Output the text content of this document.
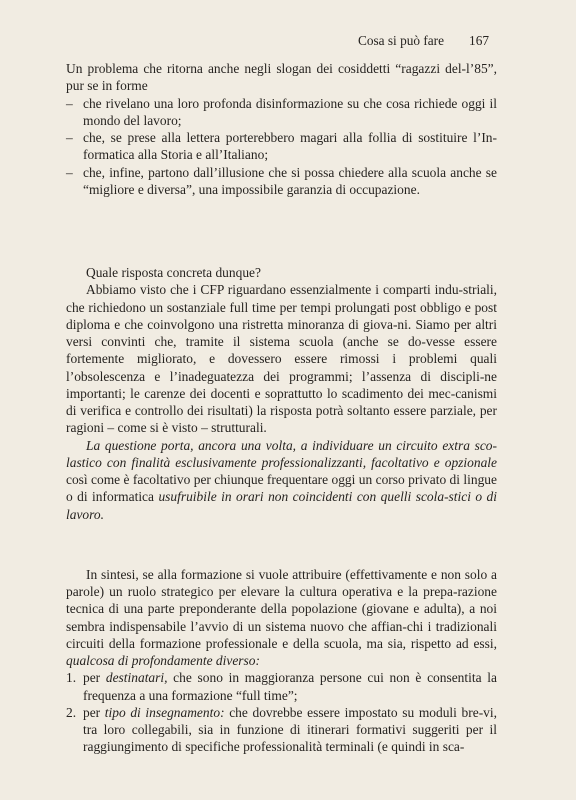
Cosa si può fare 167

Un problema che ritorna anche negli slogan dei cosiddetti “ragazzi del-l’85”, pur se in forme

– che rivelano una loro profonda disinformazione su che cosa richiede oggi il mondo del lavoro;
– che, se prese alla lettera porterebbero magari alla follia di sostituire l’In-formatica alla Storia e all’Italiano;
– che, infine, partono dall’illusione che si possa chiedere alla scuola anche se “migliore e diversa”, una impossibile garanzia di occupazione.

Quale risposta concreta dunque?

Abbiamo visto che i CFP riguardano essenzialmente i comparti indu-striali, che richiedono un sostanziale full time per tempi prolungati post obbligo e post diploma e che coinvolgono una ristretta minoranza di giova-ni. Siamo per altri versi convinti che, tramite il sistema scuola (anche se do-vesse essere fortemente migliorato, e dovessero essere rimossi i problemi quali l’obsolescenza e l’inadeguatezza dei programmi; l’assenza di discipli-ne importanti; le carenze dei docenti e soprattutto lo scadimento dei mec-canismi di verifica e controllo dei risultati) la risposta potrà soltanto essere parziale, per ragioni – come si è visto – strutturali.

La questione porta, ancora una volta, a individuare un circuito extra sco-lastico con finalità esclusivamente professionalizzanti, facoltativo e opzionale così come è facoltativo per chiunque frequentare oggi un corso privato di lingue o di informatica usufruibile in orari non coincidenti con quelli scola-stici o di lavoro.

In sintesi, se alla formazione si vuole attribuire (effettivamente e non solo a parole) un ruolo strategico per elevare la cultura operativa e la prepa-razione tecnica di una parte preponderante della popolazione (giovane e adulta), a noi sembra indispensabile l’avvio di un sistema nuovo che affian-chi i tradizionali circuiti della formazione professionale e della scuola, ma sia, rispetto ad essi, qualcosa di profondamente diverso:

1. per destinatari, che sono in maggioranza persone cui non è consentita la frequenza a una formazione “full time”;
2. per tipo di insegnamento: che dovrebbe essere impostato su moduli bre-vi, tra loro collegabili, sia in funzione di itinerari formativi suggeriti per il raggiungimento di specifiche professionalità terminali (e quindi in sca-
